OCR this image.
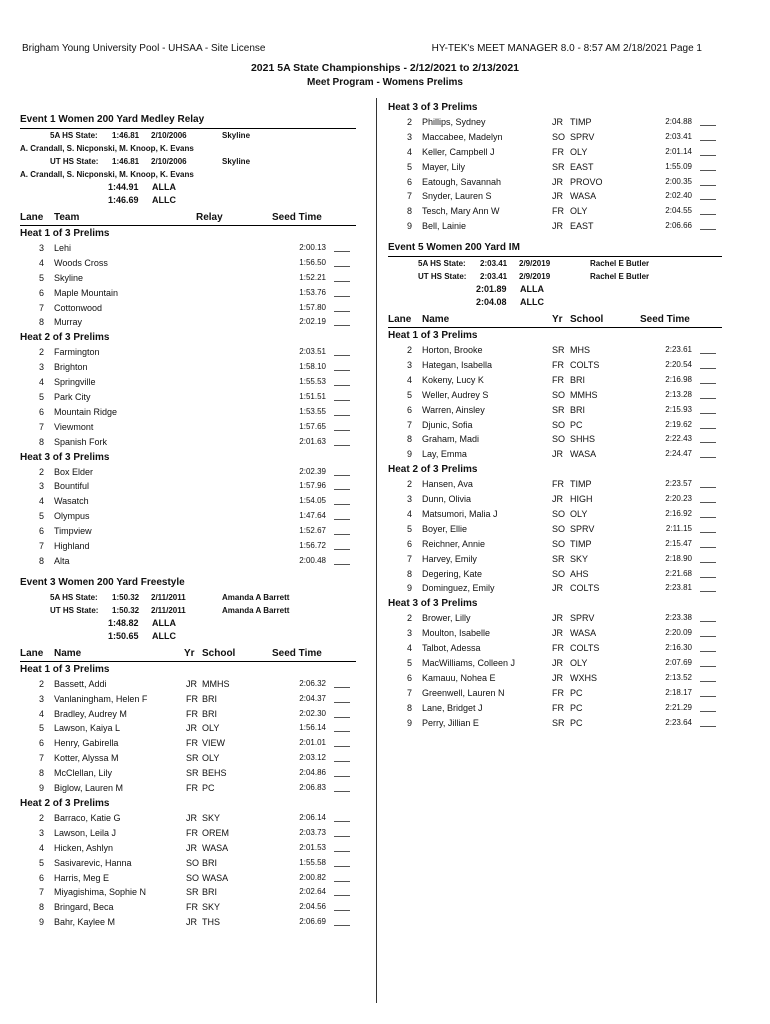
Brigham Young University Pool - UHSAA - Site License	HY-TEK's MEET MANAGER 8.0 - 8:57 AM 2/18/2021 Page 1
2021 5A State Championships - 2/12/2021 to 2/13/2021
Meet Program - Womens Prelims
Event 1 Women 200 Yard Medley Relay
5A HS State: 1:46.81 2/10/2006	Skyline
A. Crandall, S. Nicponski, M. Knoop, K. Evans
UT HS State: 1:46.81 2/10/2006	Skyline
A. Crandall, S. Nicponski, M. Knoop, K. Evans
1:44.91 ALLA
1:46.69 ALLC
Lane Team	Relay	Seed Time
Heat 1 of 3 Prelims
3 Lehi	2:00.13
4 Woods Cross	1:56.50
5 Skyline	1:52.21
6 Maple Mountain	1:53.76
7 Cottonwood	1:57.80
8 Murray	2:02.19
Heat 2 of 3 Prelims
2 Farmington	2:03.51
3 Brighton	1:58.10
4 Springville	1:55.53
5 Park City	1:51.51
6 Mountain Ridge	1:53.55
7 Viewmont	1:57.65
8 Spanish Fork	2:01.63
Heat 3 of 3 Prelims
2 Box Elder	2:02.39
3 Bountiful	1:57.96
4 Wasatch	1:54.05
5 Olympus	1:47.64
6 Timpview	1:52.67
7 Highland	1:56.72
8 Alta	2:00.48
Event 3 Women 200 Yard Freestyle
5A HS State: 1:50.32 2/11/2011	Amanda A Barrett
UT HS State: 1:50.32 2/11/2011	Amanda A Barrett
1:48.82 ALLA
1:50.65 ALLC
Lane Name	Yr School	Seed Time
Heat 1 of 3 Prelims
2 Bassett, Addi	JR MMHS	2:06.32
3 Vanlaningham, Helen F	FR BRI	2:04.37
4 Bradley, Audrey M	FR BRI	2:02.30
5 Lawson, Kaiya L	JR OLY	1:56.14
6 Henry, Gabirella	FR VIEW	2:01.01
7 Kotter, Alyssa M	SR OLY	2:03.12
8 McClellan, Lily	SR BEHS	2:04.86
9 Biglow, Lauren M	FR PC	2:06.83
Heat 2 of 3 Prelims
2 Barraco, Katie G	JR SKY	2:06.14
3 Lawson, Leila J	FR OREM	2:03.73
4 Hicken, Ashlyn	JR WASA	2:01.53
5 Sasivarevic, Hanna	SO BRI	1:55.58
6 Harris, Meg E	SO WASA	2:00.82
7 Miyagishima, Sophie N	SR BRI	2:02.64
8 Bringard, Beca	FR SKY	2:04.56
9 Bahr, Kaylee M	JR THS	2:06.69
Heat 3 of 3 Prelims
2 Phillips, Sydney	JR TIMP	2:04.88
3 Maccabee, Madelyn	SO SPRV	2:03.41
4 Keller, Campbell J	FR OLY	2:01.14
5 Mayer, Lily	SR EAST	1:55.09
6 Eatough, Savannah	JR PROVO	2:00.35
7 Snyder, Lauren S	JR WASA	2:02.40
8 Tesch, Mary Ann W	FR OLY	2:04.55
9 Bell, Lainie	JR EAST	2:06.66
Event 5 Women 200 Yard IM
5A HS State: 2:03.41 2/9/2019	Rachel E Butler
UT HS State: 2:03.41 2/9/2019	Rachel E Butler
2:01.89 ALLA
2:04.08 ALLC
Lane Name	Yr School	Seed Time
Heat 1 of 3 Prelims
2 Horton, Brooke	SR MHS	2:23.61
3 Hategan, Isabella	FR COLTS	2:20.54
4 Kokeny, Lucy K	FR BRI	2:16.98
5 Weller, Audrey S	SO MMHS	2:13.28
6 Warren, Ainsley	SR BRI	2:15.93
7 Djunic, Sofia	SO PC	2:19.62
8 Graham, Madi	SO SHHS	2:22.43
9 Lay, Emma	JR WASA	2:24.47
Heat 2 of 3 Prelims
2 Hansen, Ava	FR TIMP	2:23.57
3 Dunn, Olivia	JR HIGH	2:20.23
4 Matsumori, Malia J	SO OLY	2:16.92
5 Boyer, Ellie	SO SPRV	2:11.15
6 Reichner, Annie	SO TIMP	2:15.47
7 Harvey, Emily	SR SKY	2:18.90
8 Degering, Kate	SO AHS	2:21.68
9 Dominguez, Emily	JR COLTS	2:23.81
Heat 3 of 3 Prelims
2 Brower, Lilly	JR SPRV	2:23.38
3 Moulton, Isabelle	JR WASA	2:20.09
4 Talbot, Adessa	FR COLTS	2:16.30
5 MacWilliams, Colleen J	JR OLY	2:07.69
6 Kamauu, Nohea E	JR WXHS	2:13.52
7 Greenwell, Lauren N	FR PC	2:18.17
8 Lane, Bridget J	FR PC	2:21.29
9 Perry, Jillian E	SR PC	2:23.64
